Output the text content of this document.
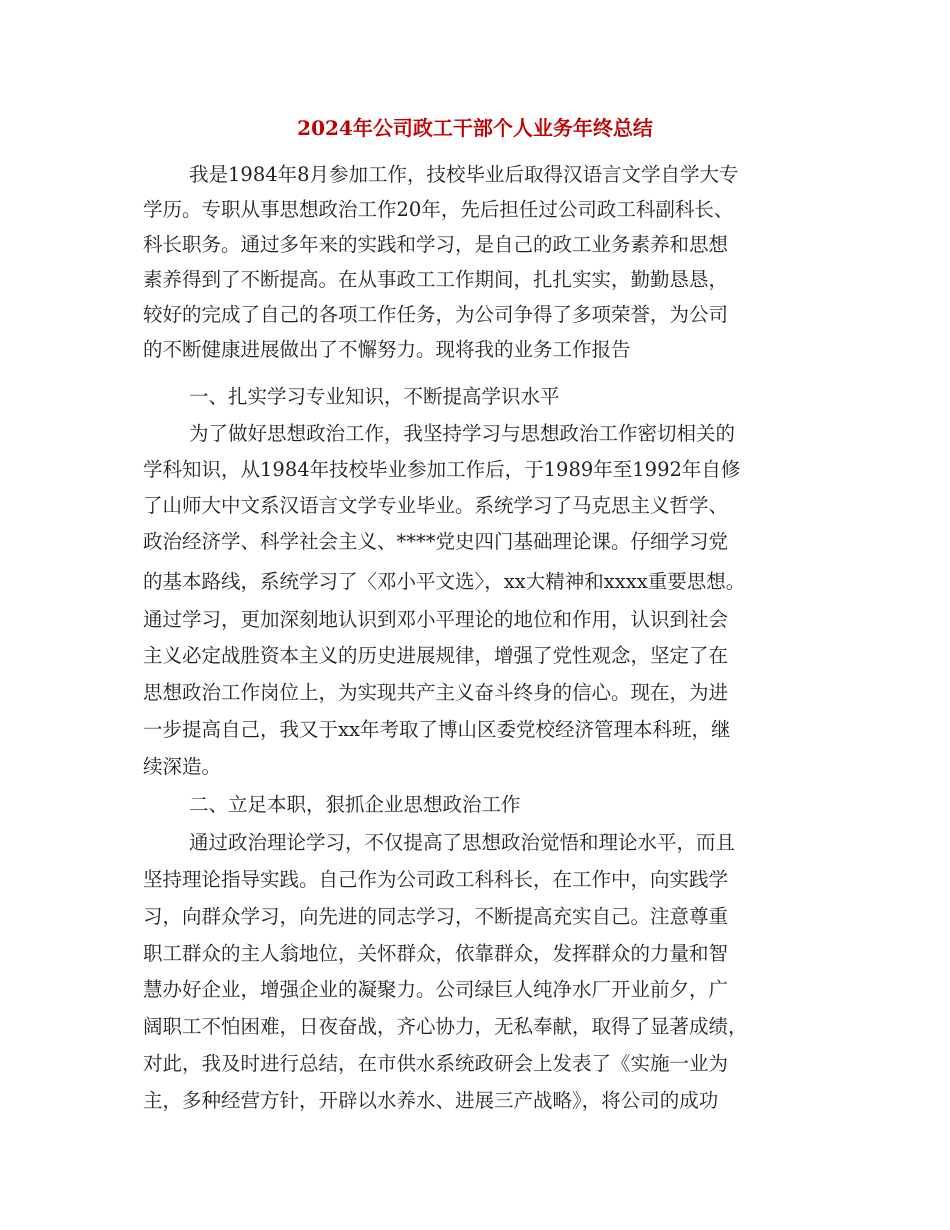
2024年公司政工干部个人业务年终总结

我是1984年8月参加工作，技校毕业后取得汉语言文学自学大专

学历。专职从事思想政治工作20年，先后担任过公司政工科副科长、

科长职务。通过多年来的实践和学习，是自己的政工业务素养和思想

素养得到了不断提高。在从事政工工作期间，扎扎实实，勤勤恳恳，

较好的完成了自己的各项工作任务，为公司争得了多项荣誉，为公司

的不断健康进展做出了不懈努力。现将我的业务工作报告

一、扎实学习专业知识，不断提高学识水平

为了做好思想政治工作，我坚持学习与思想政治工作密切相关的

学科知识，从1984年技校毕业参加工作后，于1989年至1992年自修

了山师大中文系汉语言文学专业毕业。系统学习了马克思主义哲学、

政治经济学、科学社会主义、****党史四门基础理论课。仔细学习党

的基本路线，系统学习了〈邓小平文选〉，xx大精神和xxxx重要思想。

通过学习，更加深刻地认识到邓小平理论的地位和作用，认识到社会

主义必定战胜资本主义的历史进展规律，增强了党性观念，坚定了在

思想政治工作岗位上，为实现共产主义奋斗终身的信心。现在，为进

一步提高自己，我又于xx年考取了博山区委党校经济管理本科班，继

续深造。

二、立足本职，狠抓企业思想政治工作

通过政治理论学习，不仅提高了思想政治觉悟和理论水平，而且

坚持理论指导实践。自己作为公司政工科科长，在工作中，向实践学

习，向群众学习，向先进的同志学习，不断提高充实自己。注意尊重

职工群众的主人翁地位，关怀群众，依靠群众，发挥群众的力量和智

慧办好企业，增强企业的凝聚力。公司绿巨人纯净水厂开业前夕，广

阔职工不怕困难，日夜奋战，齐心协力，无私奉献，取得了显著成绩，

对此，我及时进行总结，在市供水系统政研会上发表了《实施一业为

主，多种经营方针，开辟以水养水、进展三产战略》，将公司的成功
